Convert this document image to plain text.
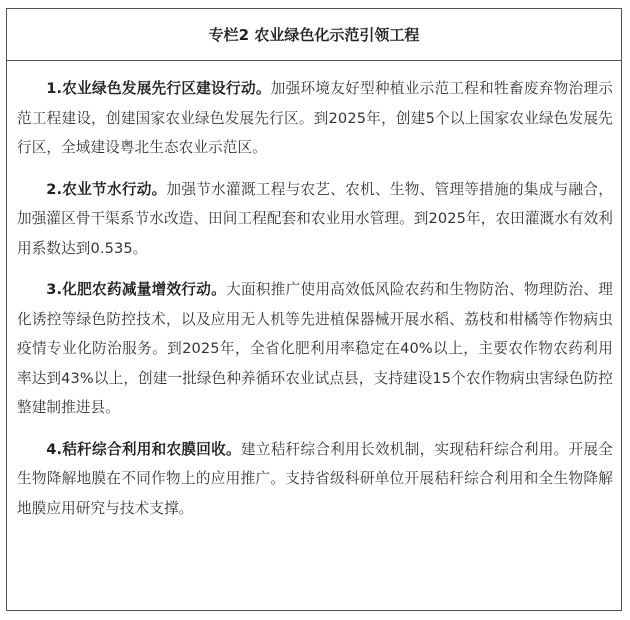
专栏2 农业绿色化示范引领工程

1.农业绿色发展先行区建设行动。加强环境友好型种植业示范工程和牲畜废弃物治理示范工程建设，创建国家农业绿色发展先行区。到2025年，创建5个以上国家农业绿色发展先行区，全域建设粤北生态农业示范区。

2.农业节水行动。加强节水灌溉工程与农艺、农机、生物、管理等措施的集成与融合，加强灌区骨干渠系节水改造、田间工程配套和农业用水管理。到2025年，农田灌溉水有效利用系数达到0.535。

3.化肥农药减量增效行动。大面积推广使用高效低风险农药和生物防治、物理防治、理化诱控等绿色防控技术，以及应用无人机等先进植保器械开展水稻、荔枝和柑橘等作物病虫疫情专业化防治服务。到2025年，全省化肥利用率稳定在40%以上，主要农作物农药利用率达到43%以上，创建一批绿色种养循环农业试点县，支持建设15个农作物病虫害绿色防控整建制推进县。

4.秸秆综合利用和农膜回收。建立秸秆综合利用长效机制，实现秸秆综合利用。开展全生物降解地膜在不同作物上的应用推广。支持省级科研单位开展秸秆综合利用和全生物降解地膜应用研究与技术支撑。
